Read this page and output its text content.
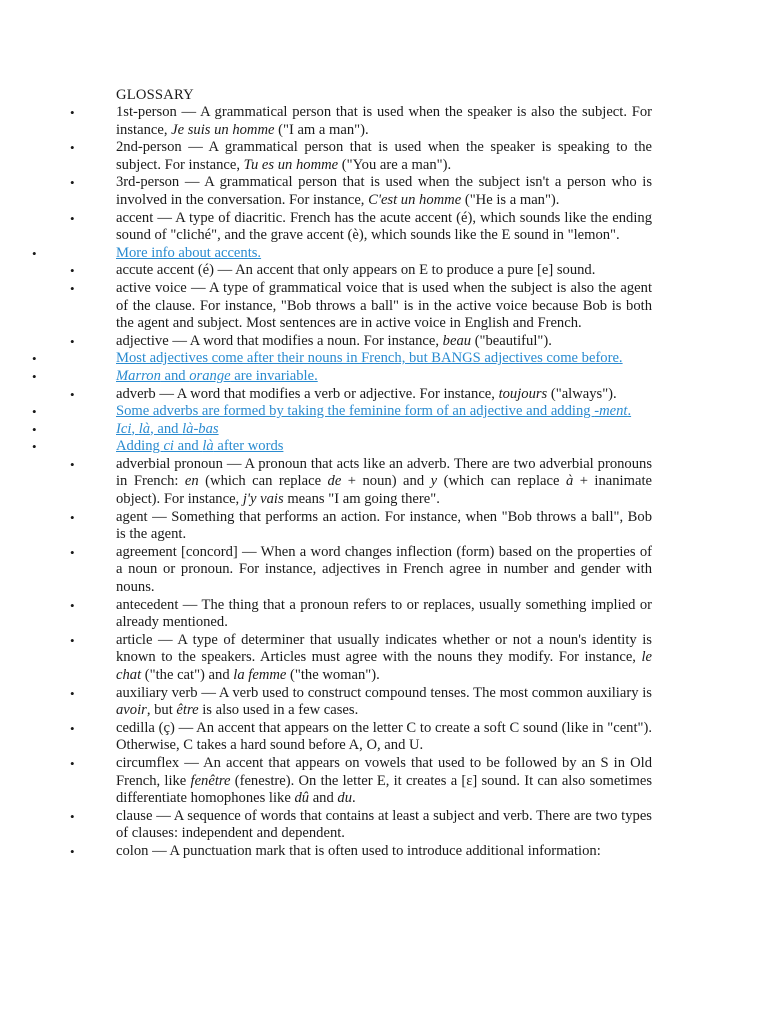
GLOSSARY
•	1st-person — A grammatical person that is used when the speaker is also the subject. For instance, Je suis un homme ("I am a man").
•	2nd-person — A grammatical person that is used when the speaker is speaking to the subject. For instance, Tu es un homme ("You are a man").
•	3rd-person — A grammatical person that is used when the subject isn't a person who is involved in the conversation. For instance, C'est un homme ("He is a man").
•	accent — A type of diacritic. French has the acute accent (é), which sounds like the ending sound of "cliché", and the grave accent (è), which sounds like the E sound in "lemon".
•	More info about accents.
•	accute accent (é) — An accent that only appears on E to produce a pure [e] sound.
•	active voice — A type of grammatical voice that is used when the subject is also the agent of the clause. For instance, "Bob throws a ball" is in the active voice because Bob is both the agent and subject. Most sentences are in active voice in English and French.
•	adjective — A word that modifies a noun. For instance, beau ("beautiful").
•	Most adjectives come after their nouns in French, but BANGS adjectives come before.
•	Marron and orange are invariable.
•	adverb — A word that modifies a verb or adjective. For instance, toujours ("always").
•	Some adverbs are formed by taking the feminine form of an adjective and adding -ment.
•	Ici, là, and là-bas
•	Adding ci and là after words
•	adverbial pronoun — A pronoun that acts like an adverb. There are two adverbial pronouns in French: en (which can replace de + noun) and y (which can replace à + inanimate object). For instance, j'y vais means "I am going there".
•	agent — Something that performs an action. For instance, when "Bob throws a ball", Bob is the agent.
•	agreement [concord] — When a word changes inflection (form) based on the properties of a noun or pronoun. For instance, adjectives in French agree in number and gender with nouns.
•	antecedent — The thing that a pronoun refers to or replaces, usually something implied or already mentioned.
•	article — A type of determiner that usually indicates whether or not a noun's identity is known to the speakers. Articles must agree with the nouns they modify. For instance, le chat ("the cat") and la femme ("the woman").
•	auxiliary verb — A verb used to construct compound tenses. The most common auxiliary is avoir, but être is also used in a few cases.
•	cedilla (ç) — An accent that appears on the letter C to create a soft C sound (like in "cent"). Otherwise, C takes a hard sound before A, O, and U.
•	circumflex — An accent that appears on vowels that used to be followed by an S in Old French, like fenêtre (fenestre). On the letter E, it creates a [ɛ] sound. It can also sometimes differentiate homophones like dû and du.
•	clause — A sequence of words that contains at least a subject and verb. There are two types of clauses: independent and dependent.
•	colon — A punctuation mark that is often used to introduce additional information:
